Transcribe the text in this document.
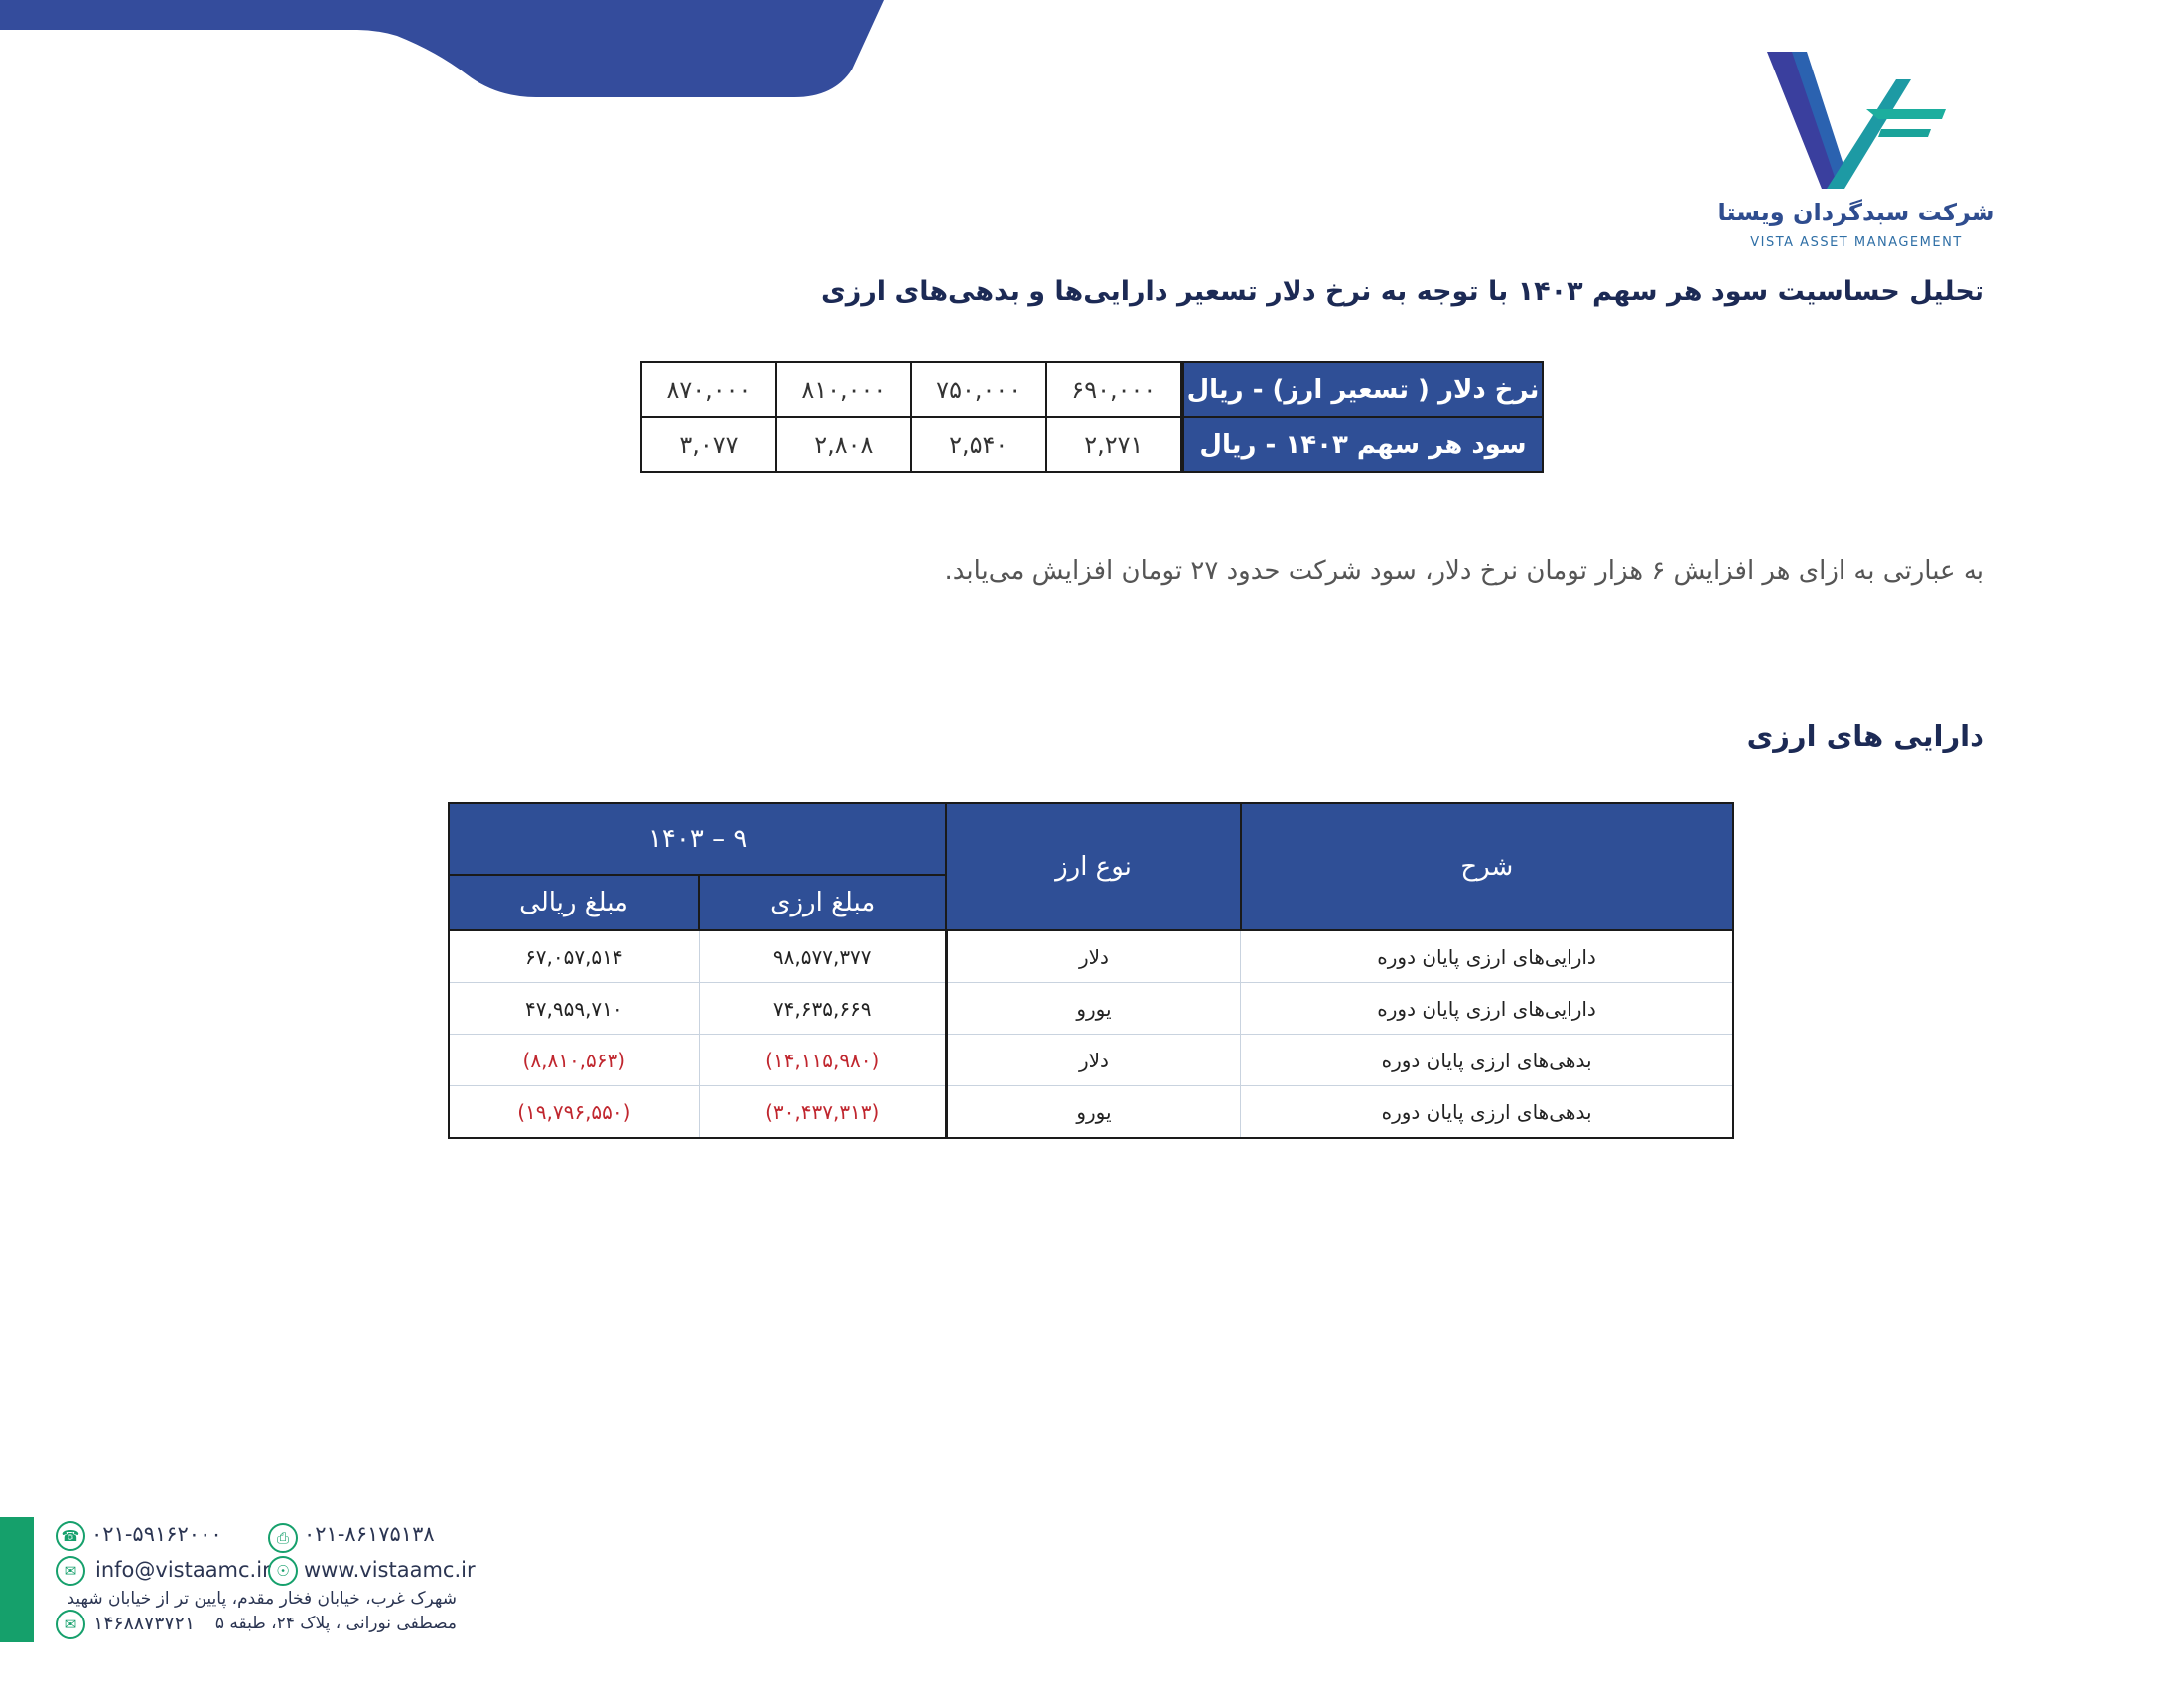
شرکت سبدگردان ویستا
VISTA ASSET MANAGEMENT
تحلیل حساسیت سود هر سهم ۱۴۰۳ با توجه به نرخ دلار تسعیر دارایی‌ها و بدهی‌های ارزی
نرخ دلار ( تسعیر ارز) - ریال	۶۹۰,۰۰۰	۷۵۰,۰۰۰	۸۱۰,۰۰۰	۸۷۰,۰۰۰
سود هر سهم ۱۴۰۳ - ریال	۲,۲۷۱	۲,۵۴۰	۲,۸۰۸	۳,۰۷۷
به عبارتی به ازای هر افزایش ۶ هزار تومان نرخ دلار، سود شرکت حدود ۲۷ تومان افزایش می‌یابد.
دارایی های ارزی
شرح	نوع ارز	۹ – ۱۴۰۳	
		مبلغ ارزی	مبلغ ریالی
دارایی‌های ارزی پایان دوره	دلار	۹۸,۵۷۷,۳۷۷	۶۷,۰۵۷,۵۱۴
دارایی‌های ارزی پایان دوره	یورو	۷۴,۶۳۵,۶۶۹	۴۷,۹۵۹,۷۱۰
بدهی‌های ارزی پایان دوره	دلار	(۱۴,۱۱۵,۹۸۰)	(۸,۸۱۰,۵۶۳)
بدهی‌های ارزی پایان دوره	یورو	(۳۰,۴۳۷,۳۱۳)	(۱۹,۷۹۶,۵۵۰)
☎ ۰۲۱-۵۹۱۶۲۰۰۰	⎙ ۰۲۱-۸۶۱۷۵۱۳۸
✉ info@vistaamc.ir ☉ www.vistaamc.ir
شهرک غرب، خیابان فخار مقدم، پایین تر از خیابان شهید
مصطفی نورانی ، پلاک ۲۴، طبقه ۵
✉ ۱۴۶۸۸۷۳۷۲۱
